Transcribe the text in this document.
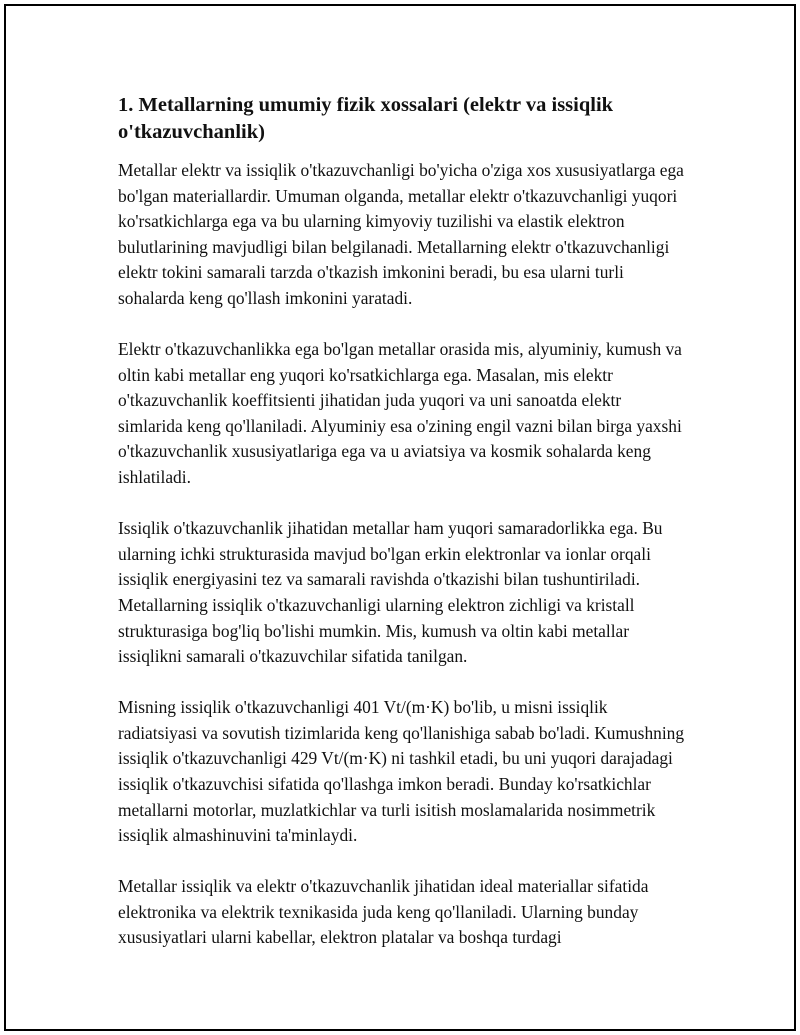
1. Metallarning umumiy fizik xossalari (elektr va issiqlik o'tkazuvchanlik)

Metallar elektr va issiqlik o'tkazuvchanligi bo'yicha o'ziga xos xususiyatlarga ega bo'lgan materiallardir. Umuman olganda, metallar elektr o'tkazuvchanligi yuqori ko'rsatkichlarga ega va bu ularning kimyoviy tuzilishi va elastik elektron bulutlarining mavjudligi bilan belgilanadi. Metallarning elektr o'tkazuvchanligi elektr tokini samarali tarzda o'tkazish imkonini beradi, bu esa ularni turli sohalarda keng qo'llash imkonini yaratadi.

Elektr o'tkazuvchanlikka ega bo'lgan metallar orasida mis, alyuminiy, kumush va oltin kabi metallar eng yuqori ko'rsatkichlarga ega. Masalan, mis elektr o'tkazuvchanlik koeffitsienti jihatidan juda yuqori va uni sanoatda elektr simlarida keng qo'llaniladi. Alyuminiy esa o'zining engil vazni bilan birga yaxshi o'tkazuvchanlik xususiyatlariga ega va u aviatsiya va kosmik sohalarda keng ishlatiladi.

Issiqlik o'tkazuvchanlik jihatidan metallar ham yuqori samaradorlikka ega. Bu ularning ichki strukturasida mavjud bo'lgan erkin elektronlar va ionlar orqali issiqlik energiyasini tez va samarali ravishda o'tkazishi bilan tushuntiriladi. Metallarning issiqlik o'tkazuvchanligi ularning elektron zichligi va kristall strukturasiga bog'liq bo'lishi mumkin. Mis, kumush va oltin kabi metallar issiqlikni samarali o'tkazuvchilar sifatida tanilgan.

Misning issiqlik o'tkazuvchanligi 401 Vt/(m·K) bo'lib, u misni issiqlik radiatsiyasi va sovutish tizimlarida keng qo'llanishiga sabab bo'ladi. Kumushning issiqlik o'tkazuvchanligi 429 Vt/(m·K) ni tashkil etadi, bu uni yuqori darajadagi issiqlik o'tkazuvchisi sifatida qo'llashga imkon beradi. Bunday ko'rsatkichlar metallarni motorlar, muzlatkichlar va turli isitish moslamalarida nosimmetrik issiqlik almashinuvini ta'minlaydi.

Metallar issiqlik va elektr o'tkazuvchanlik jihatidan ideal materiallar sifatida elektronika va elektrik texnikasida juda keng qo'llaniladi. Ularning bunday xususiyatlari ularni kabellar, elektron platalar va boshqa turdagi
